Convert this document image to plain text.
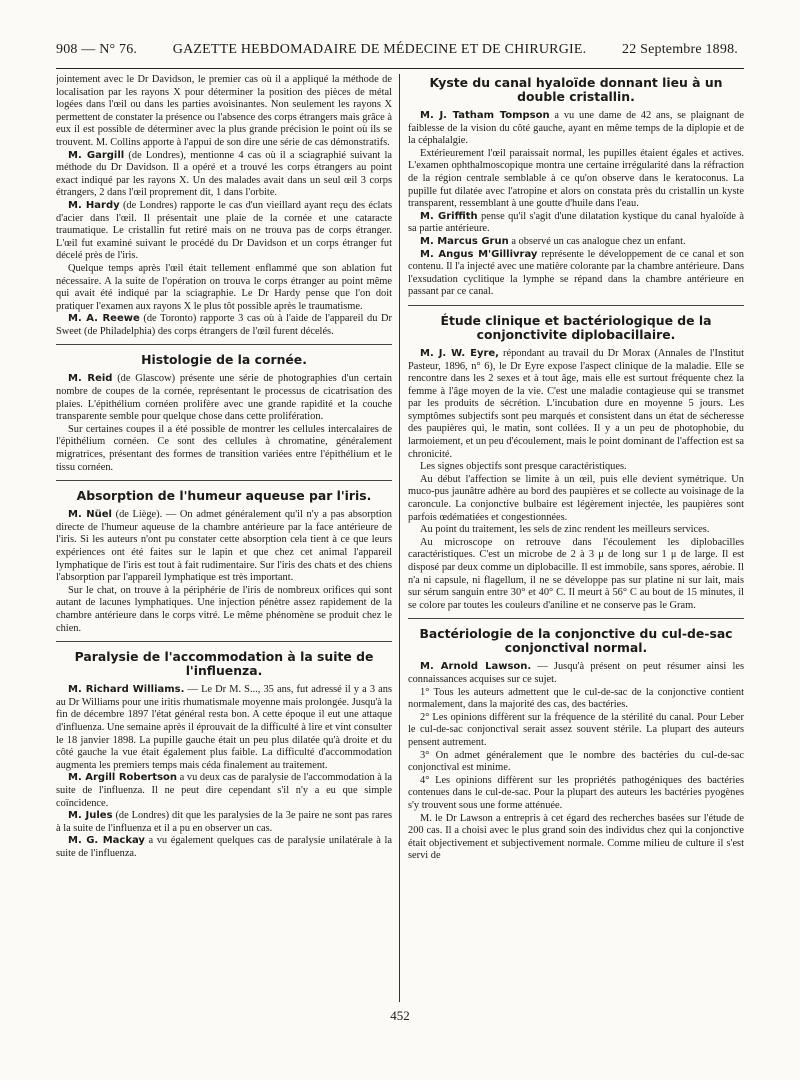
908 — N° 76.	GAZETTE HEBDOMADAIRE DE MÉDECINE ET DE CHIRURGIE.	22 Septembre 1898.

jointement avec le Dr Davidson, le premier cas où il a appliqué la méthode de localisation par les rayons X pour déterminer la position des pièces de métal logées dans l'œil ou dans les parties avoisinantes. Non seulement les rayons X permettent de constater la présence ou l'absence des corps étrangers mais grâce à eux il est possible de déterminer avec la plus grande précision le point où ils se trouvent. M. Collins apporte à l'appui de son dire une série de cas démonstratifs.

M. Gargill (de Londres), mentionne 4 cas où il a sciagraphié suivant la méthode du Dr Davidson. Il a opéré et a trouvé les corps étrangers au point exact indiqué par les rayons X. Un des malades avait dans un seul œil 3 corps étrangers, 2 dans l'œil proprement dit, 1 dans l'orbite.

M. Hardy (de Londres) rapporte le cas d'un vieillard ayant reçu des éclats d'acier dans l'œil. Il présentait une plaie de la cornée et une cataracte traumatique. Le cristallin fut retiré mais on ne trouva pas de corps étranger. L'œil fut examiné suivant le procédé du Dr Davidson et un corps étranger fut décelé près de l'iris.

Quelque temps après l'œil était tellement enflammé que son ablation fut nécessaire. A la suite de l'opération on trouva le corps étranger au point même qui avait été indiqué par la sciagraphie. Le Dr Hardy pense que l'on doit pratiquer l'examen aux rayons X le plus tôt possible après le traumatisme.

M. A. Reewe (de Toronto) rapporte 3 cas où à l'aide de l'appareil du Dr Sweet (de Philadelphia) des corps étrangers de l'œil furent décelés.

Histologie de la cornée.

M. Reid (de Glascow) présente une série de photographies d'un certain nombre de coupes de la cornée, représentant le processus de cicatrisation des plaies. L'épithélium cornéen prolifère avec une grande rapidité et la couche transparente semble pour quelque chose dans cette prolifération.

Sur certaines coupes il a été possible de montrer les cellules intercalaires de l'épithélium cornéen. Ce sont des cellules à chromatine, généralement migratrices, présentant des formes de transition variées entre l'épithélium et le tissu cornéen.

Absorption de l'humeur aqueuse par l'iris.

M. Nüel (de Liège). — On admet généralement qu'il n'y a pas absorption directe de l'humeur aqueuse de la chambre antérieure par la face antérieure de l'iris. Si les auteurs n'ont pu constater cette absorption cela tient à ce que leurs expériences ont été faites sur le lapin et que chez cet animal l'appareil lymphatique de l'iris est tout à fait rudimentaire. Sur l'iris des chats et des chiens l'absorption par l'appareil lymphatique est très important.

Sur le chat, on trouve à la périphérie de l'iris de nombreux orifices qui sont autant de lacunes lymphatiques. Une injection pénètre assez rapidement de la chambre antérieure dans le corps vitré. Le même phénomène se produit chez le chien.

Paralysie de l'accommodation à la suite de l'influenza.

M. Richard Williams. — Le Dr M. S..., 35 ans, fut adressé il y a 3 ans au Dr Williams pour une iritis rhumatismale moyenne mais prolongée. Jusqu'à la fin de décembre 1897 l'état général resta bon. A cette époque il eut une attaque d'influenza. Une semaine après il éprouvait de la difficulté à lire et vint consulter le 18 janvier 1898. La pupille gauche était un peu plus dilatée qu'à droite et du côté gauche la vue était également plus faible. La difficulté d'accommodation augmenta les premiers temps mais céda finalement au traitement.

M. Argill Robertson a vu deux cas de paralysie de l'accommodation à la suite de l'influenza. Il ne peut dire cependant s'il n'y a eu que simple coïncidence.

M. Jules (de Londres) dit que les paralysies de la 3e paire ne sont pas rares à la suite de l'influenza et il a pu en observer un cas.

M. G. Mackay a vu également quelques cas de paralysie unilatérale à la suite de l'influenza.

Kyste du canal hyaloïde donnant lieu à un double cristallin.

M. J. Tatham Tompson a vu une dame de 42 ans, se plaignant de faiblesse de la vision du côté gauche, ayant en même temps de la diplopie et de la céphalalgie.

Extérieurement l'œil paraissait normal, les pupilles étaient égales et actives. L'examen ophthalmoscopique montra une certaine irrégularité dans la réfraction de la région centrale semblable à ce qu'on observe dans le keratoconus. La pupille fut dilatée avec l'atropine et alors on constata près du cristallin un kyste transparent, ressemblant à une goutte d'huile dans l'eau.

M. Griffith pense qu'il s'agit d'une dilatation kystique du canal hyaloïde à sa partie antérieure.

M. Marcus Grun a observé un cas analogue chez un enfant.

M. Angus M'Gillivray représente le développement de ce canal et son contenu. Il l'a injecté avec une matière colorante par la chambre antérieure. Dans l'exsudation cyclitique la lymphe se répand dans la chambre antérieure en passant par ce canal.

Étude clinique et bactériologique de la conjonctivite diplobacillaire.

M. J. W. Eyre, répondant au travail du Dr Morax (Annales de l'Institut Pasteur, 1896, n° 6), le Dr Eyre expose l'aspect clinique de la maladie. Elle se rencontre dans les 2 sexes et à tout âge, mais elle est surtout fréquente chez la femme à l'âge moyen de la vie. C'est une maladie contagieuse qui se transmet par les produits de sécrétion. L'incubation dure en moyenne 5 jours. Les symptômes subjectifs sont peu marqués et consistent dans un état de sécheresse des paupières qui, le matin, sont collées. Il y a un peu de photophobie, du larmoiement, et un peu d'écoulement, mais le point dominant de l'affection est sa chronicité.

Les signes objectifs sont presque caractéristiques.

Au début l'affection se limite à un œil, puis elle devient symétrique. Un muco-pus jaunâtre adhère au bord des paupières et se collecte au voisinage de la caroncule. La conjonctive bulbaire est légèrement injectée, les paupières sont parfois œdématiées et congestionnées.

Au point du traitement, les sels de zinc rendent les meilleurs services.

Au microscope on retrouve dans l'écoulement les diplobacilles caractéristiques. C'est un microbe de 2 à 3 μ de long sur 1 μ de large. Il est disposé par deux comme un diplobacille. Il est immobile, sans spores, aérobie. Il n'a ni capsule, ni flagellum, il ne se développe pas sur platine ni sur lait, mais sur sérum sanguin entre 30° et 40° C. Il meurt à 56° C au bout de 15 minutes, il se colore par toutes les couleurs d'aniline et ne conserve pas le Gram.

Bactériologie de la conjonctive du cul-de-sac conjonctival normal.

M. Arnold Lawson. — Jusqu'à présent on peut résumer ainsi les connaissances acquises sur ce sujet.

1° Tous les auteurs admettent que le cul-de-sac de la conjonctive contient normalement, dans la majorité des cas, des bactéries.

2° Les opinions diffèrent sur la fréquence de la stérilité du canal. Pour Leber le cul-de-sac conjonctival serait assez souvent stérile. La plupart des auteurs pensent autrement.

3° On admet généralement que le nombre des bactéries du cul-de-sac conjonctival est minime.

4° Les opinions diffèrent sur les propriétés pathogéniques des bactéries contenues dans le cul-de-sac. Pour la plupart des auteurs les bactéries pyogènes s'y trouvent sous une forme atténuée.

M. le Dr Lawson a entrepris à cet égard des recherches basées sur l'étude de 200 cas. Il a choisi avec le plus grand soin des individus chez qui la conjonctive était objectivement et subjectivement normale. Comme milieu de culture il s'est servi de

452
